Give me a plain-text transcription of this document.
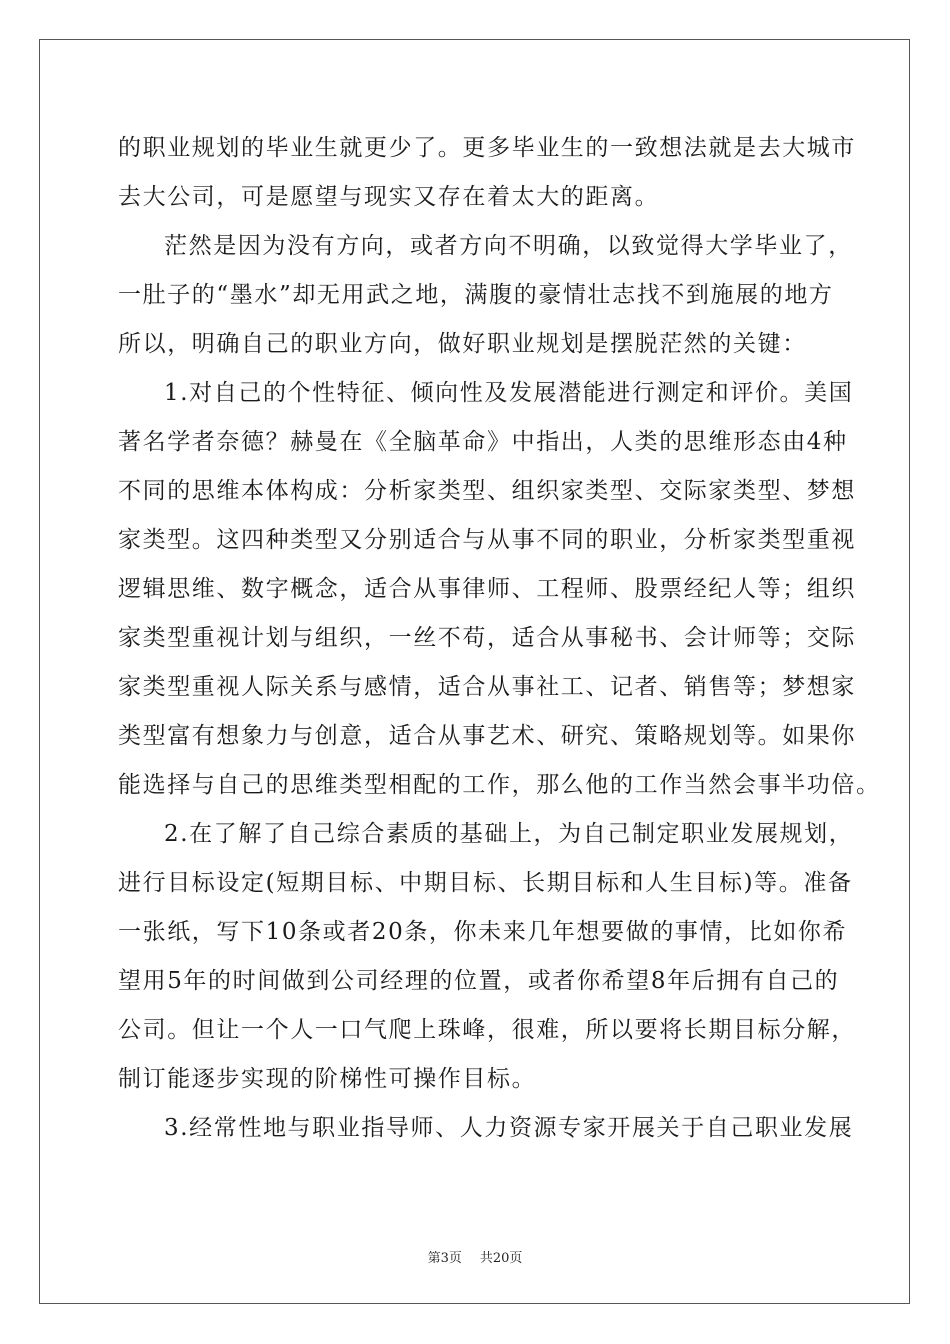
的职业规划的毕业生就更少了。更多毕业生的一致想法就是去大城市
去大公司，可是愿望与现实又存在着太大的距离。
茫然是因为没有方向，或者方向不明确，以致觉得大学毕业了，
一肚子的“墨水”却无用武之地，满腹的豪情壮志找不到施展的地方
所以，明确自己的职业方向，做好职业规划是摆脱茫然的关键：
1.对自己的个性特征、倾向性及发展潜能进行测定和评价。美国
著名学者奈德？赫曼在《全脑革命》中指出，人类的思维形态由4种
不同的思维本体构成：分析家类型、组织家类型、交际家类型、梦想
家类型。这四种类型又分别适合与从事不同的职业，分析家类型重视
逻辑思维、数字概念，适合从事律师、工程师、股票经纪人等；组织
家类型重视计划与组织，一丝不苟，适合从事秘书、会计师等；交际
家类型重视人际关系与感情，适合从事社工、记者、销售等；梦想家
类型富有想象力与创意，适合从事艺术、研究、策略规划等。如果你
能选择与自己的思维类型相配的工作，那么他的工作当然会事半功倍。
2.在了解了自己综合素质的基础上，为自己制定职业发展规划，
进行目标设定(短期目标、中期目标、长期目标和人生目标)等。准备
一张纸，写下10条或者20条，你未来几年想要做的事情，比如你希
望用5年的时间做到公司经理的位置，或者你希望8年后拥有自己的
公司。但让一个人一口气爬上珠峰，很难，所以要将长期目标分解，
制订能逐步实现的阶梯性可操作目标。
3.经常性地与职业指导师、人力资源专家开展关于自己职业发展
第3页 共20页
